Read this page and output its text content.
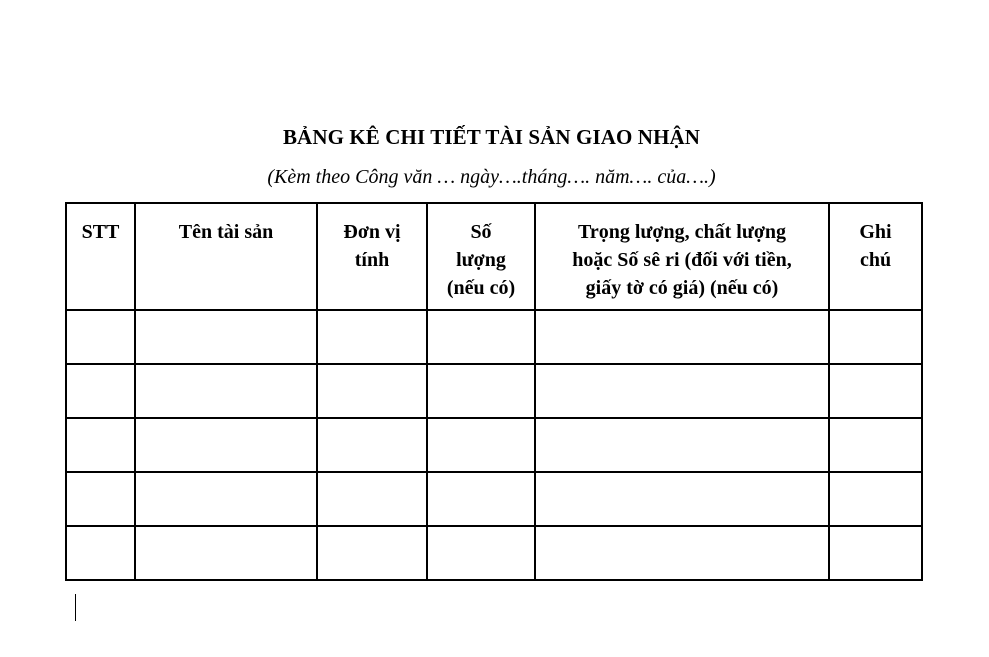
BẢNG KÊ CHI TIẾT TÀI SẢN GIAO NHẬN
(Kèm theo Công văn … ngày….tháng…. năm…. của….)
STT	Tên tài sản	Đơn vị
tính	Số
lượng
(nếu có)	Trọng lượng, chất lượng
hoặc Số sê ri (đối với tiền,
giấy tờ có giá) (nếu có)	Ghi
chú
